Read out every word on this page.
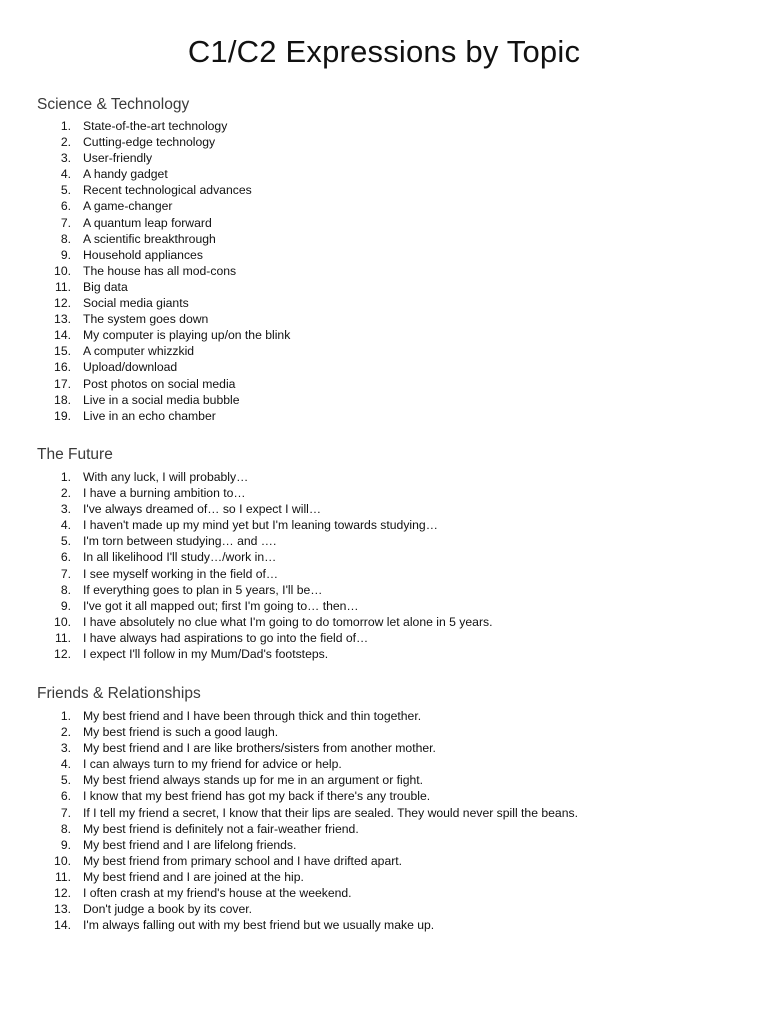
C1/C2 Expressions by Topic
Science & Technology
1. State-of-the-art technology
2. Cutting-edge technology
3. User-friendly
4. A handy gadget
5. Recent technological advances
6. A game-changer
7. A quantum leap forward
8. A scientific breakthrough
9. Household appliances
10. The house has all mod-cons
11. Big data
12. Social media giants
13. The system goes down
14. My computer is playing up/on the blink
15. A computer whizzkid
16. Upload/download
17. Post photos on social media
18. Live in a social media bubble
19. Live in an echo chamber
The Future
1. With any luck, I will probably…
2. I have a burning ambition to…
3. I've always dreamed of… so I expect I will…
4. I haven't made up my mind yet but I'm leaning towards studying…
5. I'm torn between studying… and ….
6. In all likelihood I'll study…/work in…
7. I see myself working in the field of…
8. If everything goes to plan in 5 years, I'll be…
9. I've got it all mapped out; first I'm going to… then…
10. I have absolutely no clue what I'm going to do tomorrow let alone in 5 years.
11. I have always had aspirations to go into the field of…
12. I expect I'll follow in my Mum/Dad's footsteps.
Friends & Relationships
1. My best friend and I have been through thick and thin together.
2. My best friend is such a good laugh.
3. My best friend and I are like brothers/sisters from another mother.
4. I can always turn to my friend for advice or help.
5. My best friend always stands up for me in an argument or fight.
6. I know that my best friend has got my back if there's any trouble.
7. If I tell my friend a secret, I know that their lips are sealed. They would never spill the beans.
8. My best friend is definitely not a fair-weather friend.
9. My best friend and I are lifelong friends.
10. My best friend from primary school and I have drifted apart.
11. My best friend and I are joined at the hip.
12. I often crash at my friend's house at the weekend.
13. Don't judge a book by its cover.
14. I'm always falling out with my best friend but we usually make up.
